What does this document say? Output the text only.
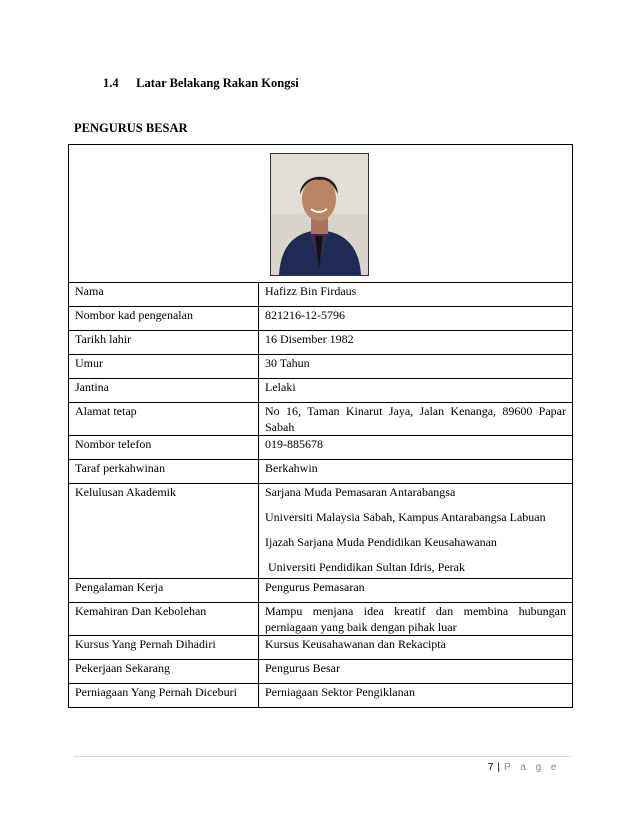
1.4 Latar Belakang Rakan Kongsi
PENGURUS BESAR

Nama	Hafizz Bin Firdaus
Nombor kad pengenalan	821216-12-5796
Tarikh lahir	16 Disember 1982
Umur	30 Tahun
Jantina	Lelaki
Alamat tetap	No 16, Taman Kinarut Jaya, Jalan Kenanga, 89600 Papar Sabah
Nombor telefon	019-885678
Taraf perkahwinan	Berkahwin
Kelulusan Akademik	Sarjana Muda Pemasaran Antarabangsa

Universiti Malaysia Sabah, Kampus Antarabangsa Labuan

Ijazah Sarjana Muda Pendidikan Keusahawanan

Universiti Pendidikan Sultan Idris, Perak

Pengalaman Kerja	Pengurus Pemasaran
Kemahiran Dan Kebolehan	Mampu menjana idea kreatif dan membina hubungan perniagaan yang baik dengan pihak luar
Kursus Yang Pernah Dihadiri	Kursus Keusahawanan dan Rekacipta
Pekerjaan Sekarang	Pengurus Besar
Perniagaan Yang Pernah Diceburi	Perniagaan Sektor Pengiklanan
7 | P a g e
